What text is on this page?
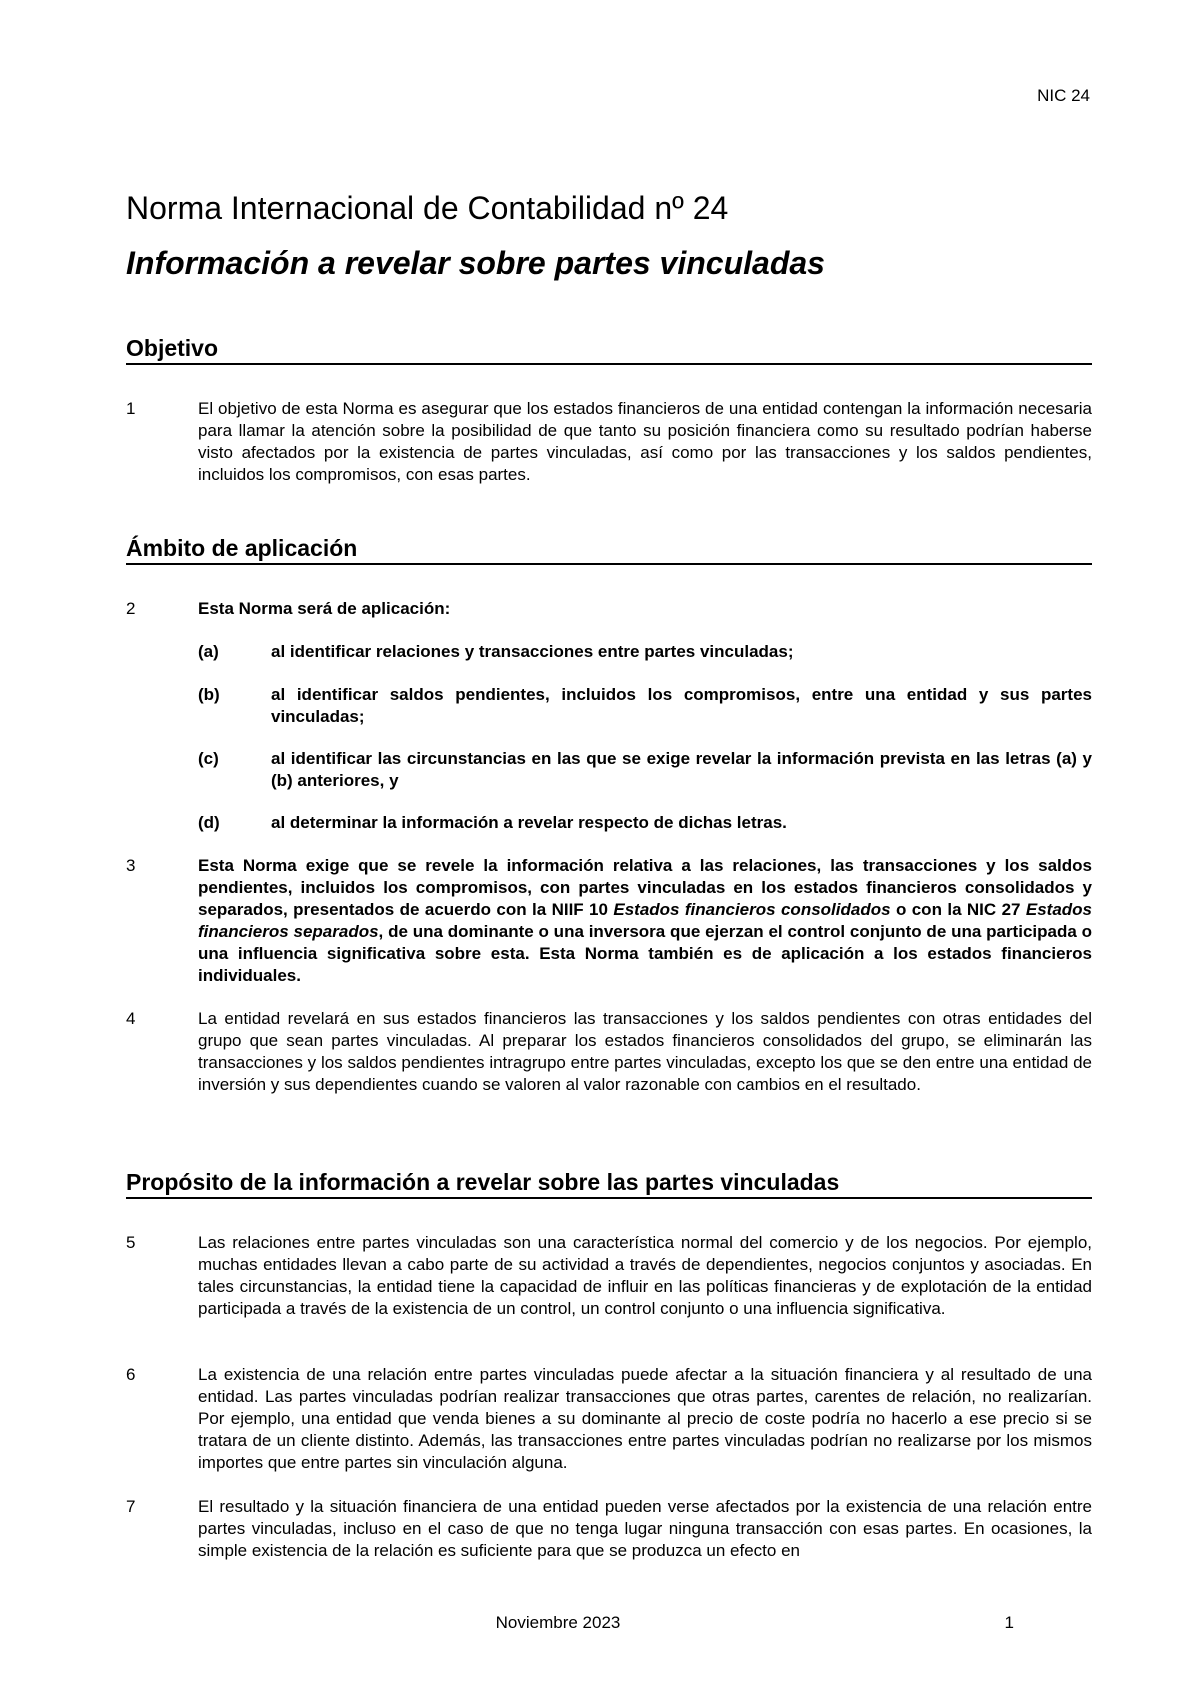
NIC 24
Norma Internacional de Contabilidad nº 24
Información a revelar sobre partes vinculadas
Objetivo
1	El objetivo de esta Norma es asegurar que los estados financieros de una entidad contengan la información necesaria para llamar la atención sobre la posibilidad de que tanto su posición financiera como su resultado podrían haberse visto afectados por la existencia de partes vinculadas, así como por las transacciones y los saldos pendientes, incluidos los compromisos, con esas partes.
Ámbito de aplicación
2	Esta Norma será de aplicación:
(a)	al identificar relaciones y transacciones entre partes vinculadas;
(b)	al identificar saldos pendientes, incluidos los compromisos, entre una entidad y sus partes vinculadas;
(c)	al identificar las circunstancias en las que se exige revelar la información prevista en las letras (a) y (b) anteriores, y
(d)	al determinar la información a revelar respecto de dichas letras.
3	Esta Norma exige que se revele la información relativa a las relaciones, las transacciones y los saldos pendientes, incluidos los compromisos, con partes vinculadas en los estados financieros consolidados y separados, presentados de acuerdo con la NIIF 10 Estados financieros consolidados o con la NIC 27 Estados financieros separados, de una dominante o una inversora que ejerzan el control conjunto de una participada o una influencia significativa sobre esta. Esta Norma también es de aplicación a los estados financieros individuales.
4	La entidad revelará en sus estados financieros las transacciones y los saldos pendientes con otras entidades del grupo que sean partes vinculadas. Al preparar los estados financieros consolidados del grupo, se eliminarán las transacciones y los saldos pendientes intragrupo entre partes vinculadas, excepto los que se den entre una entidad de inversión y sus dependientes cuando se valoren al valor razonable con cambios en el resultado.
Propósito de la información a revelar sobre las partes vinculadas
5	Las relaciones entre partes vinculadas son una característica normal del comercio y de los negocios. Por ejemplo, muchas entidades llevan a cabo parte de su actividad a través de dependientes, negocios conjuntos y asociadas. En tales circunstancias, la entidad tiene la capacidad de influir en las políticas financieras y de explotación de la entidad participada a través de la existencia de un control, un control conjunto o una influencia significativa.
6	La existencia de una relación entre partes vinculadas puede afectar a la situación financiera y al resultado de una entidad. Las partes vinculadas podrían realizar transacciones que otras partes, carentes de relación, no realizarían. Por ejemplo, una entidad que venda bienes a su dominante al precio de coste podría no hacerlo a ese precio si se tratara de un cliente distinto. Además, las transacciones entre partes vinculadas podrían no realizarse por los mismos importes que entre partes sin vinculación alguna.
7	El resultado y la situación financiera de una entidad pueden verse afectados por la existencia de una relación entre partes vinculadas, incluso en el caso de que no tenga lugar ninguna transacción con esas partes. En ocasiones, la simple existencia de la relación es suficiente para que se produzca un efecto en
Noviembre 2023	1
